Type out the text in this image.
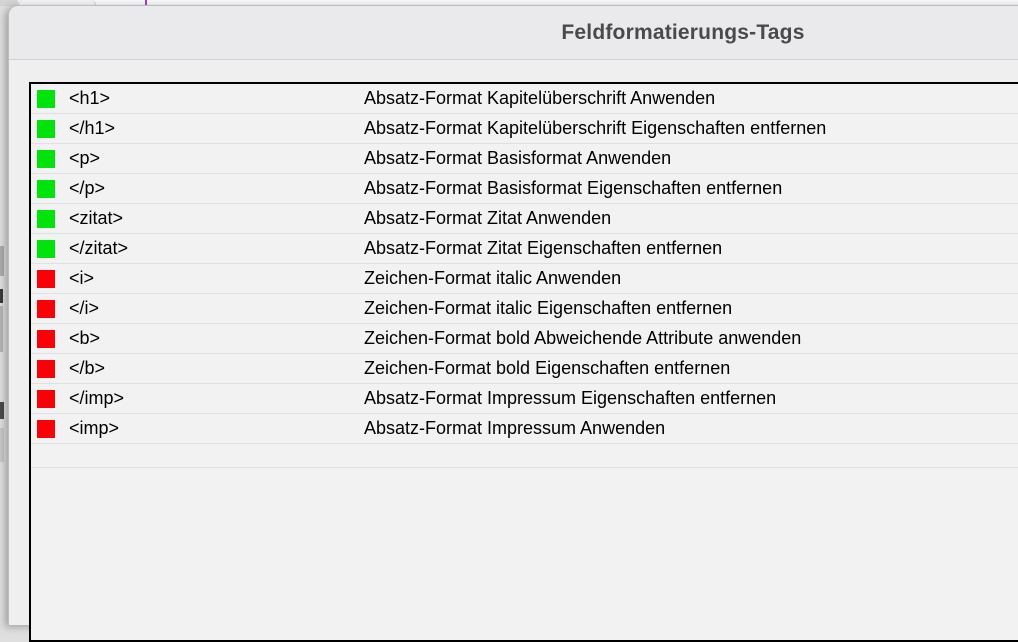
Feldformatierungs-Tags
<h1>	Absatz-Format Kapitelüberschrift Anwenden
</h1>	Absatz-Format Kapitelüberschrift Eigenschaften entfernen
<p>	Absatz-Format Basisformat Anwenden
</p>	Absatz-Format Basisformat Eigenschaften entfernen
<zitat>	Absatz-Format Zitat Anwenden
</zitat>	Absatz-Format Zitat Eigenschaften entfernen
<i>	Zeichen-Format italic Anwenden
</i>	Zeichen-Format italic Eigenschaften entfernen
<b>	Zeichen-Format bold Abweichende Attribute anwenden
</b>	Zeichen-Format bold Eigenschaften entfernen
</imp>	Absatz-Format Impressum Eigenschaften entfernen
<imp>	Absatz-Format Impressum Anwenden
